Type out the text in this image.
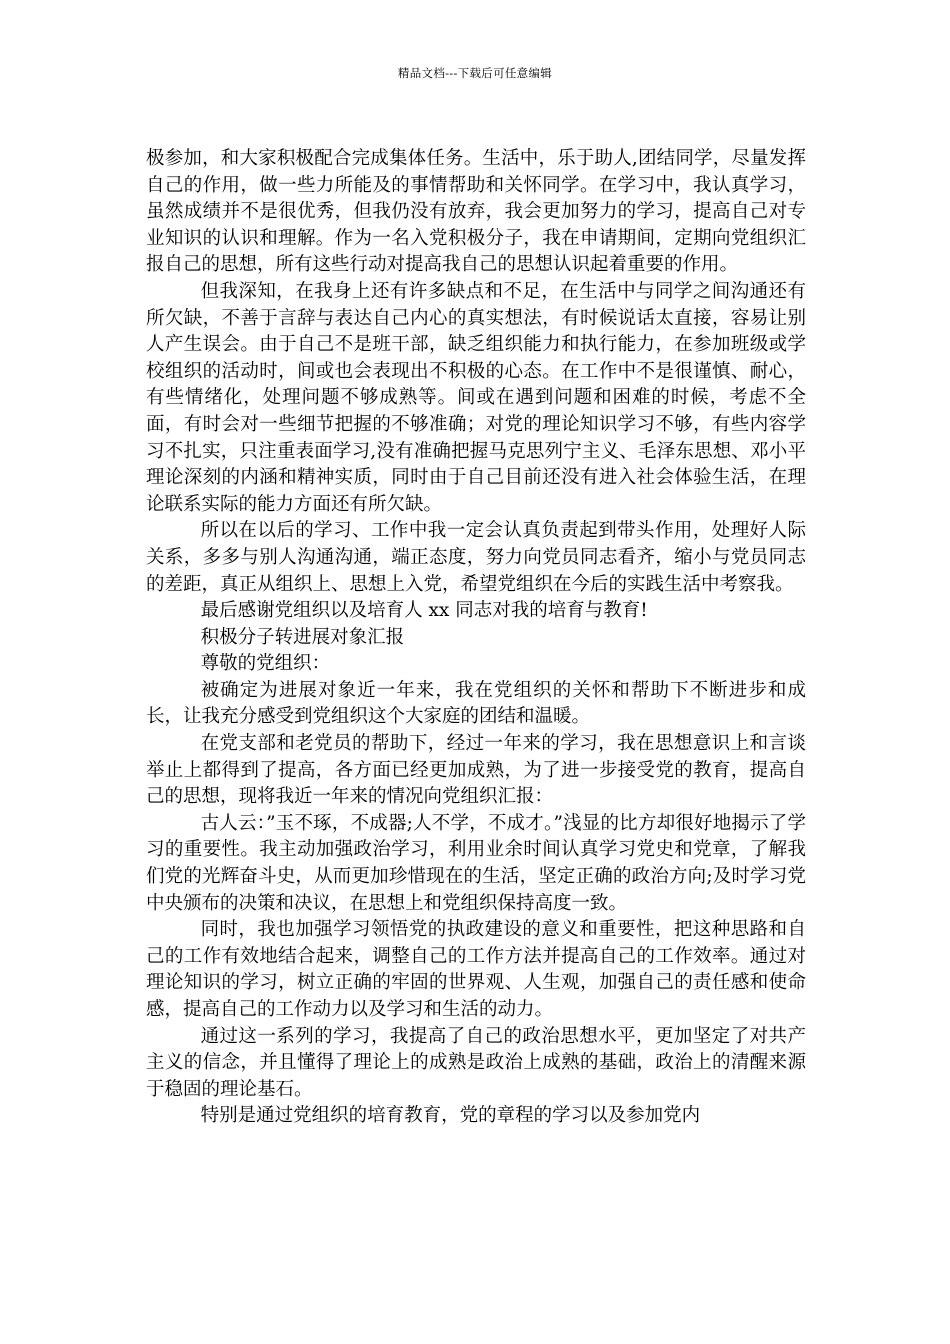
精品文档---下载后可任意编辑

极参加，和大家积极配合完成集体任务。生活中，乐于助人,团结同学，尽量发挥自己的作用，做一些力所能及的事情帮助和关怀同学。在学习中，我认真学习，虽然成绩并不是很优秀，但我仍没有放弃，我会更加努力的学习，提高自己对专业知识的认识和理解。作为一名入党积极分子，我在申请期间，定期向党组织汇报自己的思想，所有这些行动对提高我自己的思想认识起着重要的作用。

但我深知，在我身上还有许多缺点和不足，在生活中与同学之间沟通还有所欠缺，不善于言辞与表达自己内心的真实想法，有时候说话太直接，容易让别人产生误会。由于自己不是班干部，缺乏组织能力和执行能力，在参加班级或学校组织的活动时，间或也会表现出不积极的心态。在工作中不是很谨慎、耐心，有些情绪化，处理问题不够成熟等。间或在遇到问题和困难的时候，考虑不全面，有时会对一些细节把握的不够准确；对党的理论知识学习不够，有些内容学习不扎实，只注重表面学习,没有准确把握马克思列宁主义、毛泽东思想、邓小平理论深刻的内涵和精神实质，同时由于自己目前还没有进入社会体验生活，在理论联系实际的能力方面还有所欠缺。

所以在以后的学习、工作中我一定会认真负责起到带头作用，处理好人际关系，多多与别人沟通沟通，端正态度，努力向党员同志看齐，缩小与党员同志的差距，真正从组织上、思想上入党，希望党组织在今后的实践生活中考察我。

最后感谢党组织以及培育人 xx 同志对我的培育与教育!

积极分子转进展对象汇报

尊敬的党组织：

被确定为进展对象近一年来，我在党组织的关怀和帮助下不断进步和成长，让我充分感受到党组织这个大家庭的团结和温暖。

在党支部和老党员的帮助下，经过一年来的学习，我在思想意识上和言谈举止上都得到了提高，各方面已经更加成熟，为了进一步接受党的教育，提高自己的思想，现将我近一年来的情况向党组织汇报：

古人云：”玉不琢，不成器;人不学，不成才。”浅显的比方却很好地揭示了学习的重要性。我主动加强政治学习，利用业余时间认真学习党史和党章，了解我们党的光辉奋斗史，从而更加珍惜现在的生活，坚定正确的政治方向;及时学习党中央颁布的决策和决议，在思想上和党组织保持高度一致。

同时，我也加强学习领悟党的执政建设的意义和重要性，把这种思路和自己的工作有效地结合起来，调整自己的工作方法并提高自己的工作效率。通过对理论知识的学习，树立正确的牢固的世界观、人生观，加强自己的责任感和使命感，提高自己的工作动力以及学习和生活的动力。

通过这一系列的学习，我提高了自己的政治思想水平，更加坚定了对共产主义的信念，并且懂得了理论上的成熟是政治上成熟的基础，政治上的清醒来源于稳固的理论基石。

特别是通过党组织的培育教育，党的章程的学习以及参加党内
